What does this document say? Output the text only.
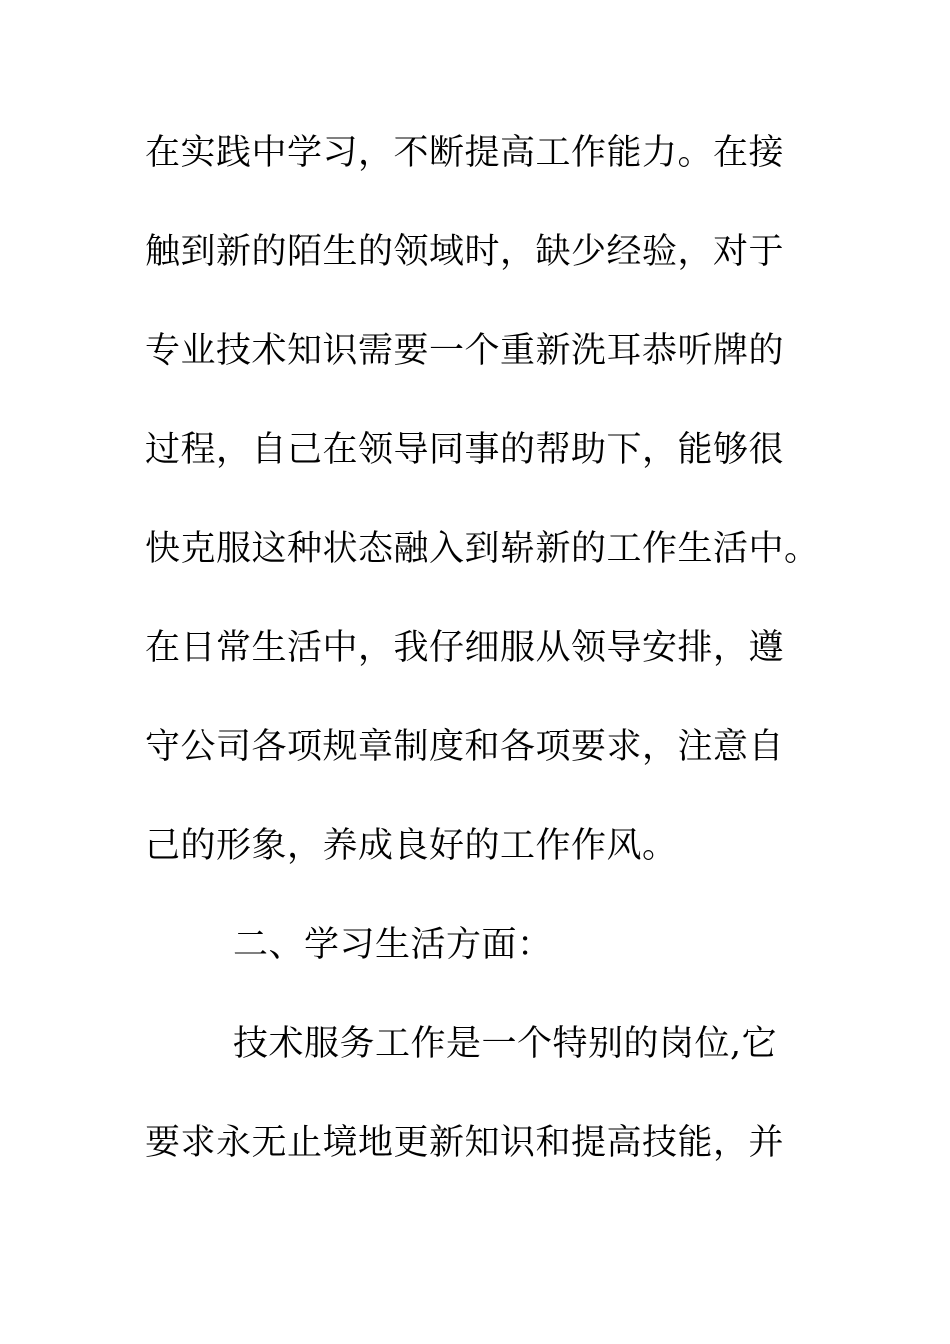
在实践中学习，不断提高工作能力。在接
触到新的陌生的领域时，缺少经验，对于
专业技术知识需要一个重新洗耳恭听牌的
过程，自己在领导同事的帮助下，能够很
快克服这种状态融入到崭新的工作生活中。
在日常生活中，我仔细服从领导安排，遵
守公司各项规章制度和各项要求，注意自
己的形象，养成良好的工作作风。
二、学习生活方面：
技术服务工作是一个特别的岗位,它
要求永无止境地更新知识和提高技能，并
